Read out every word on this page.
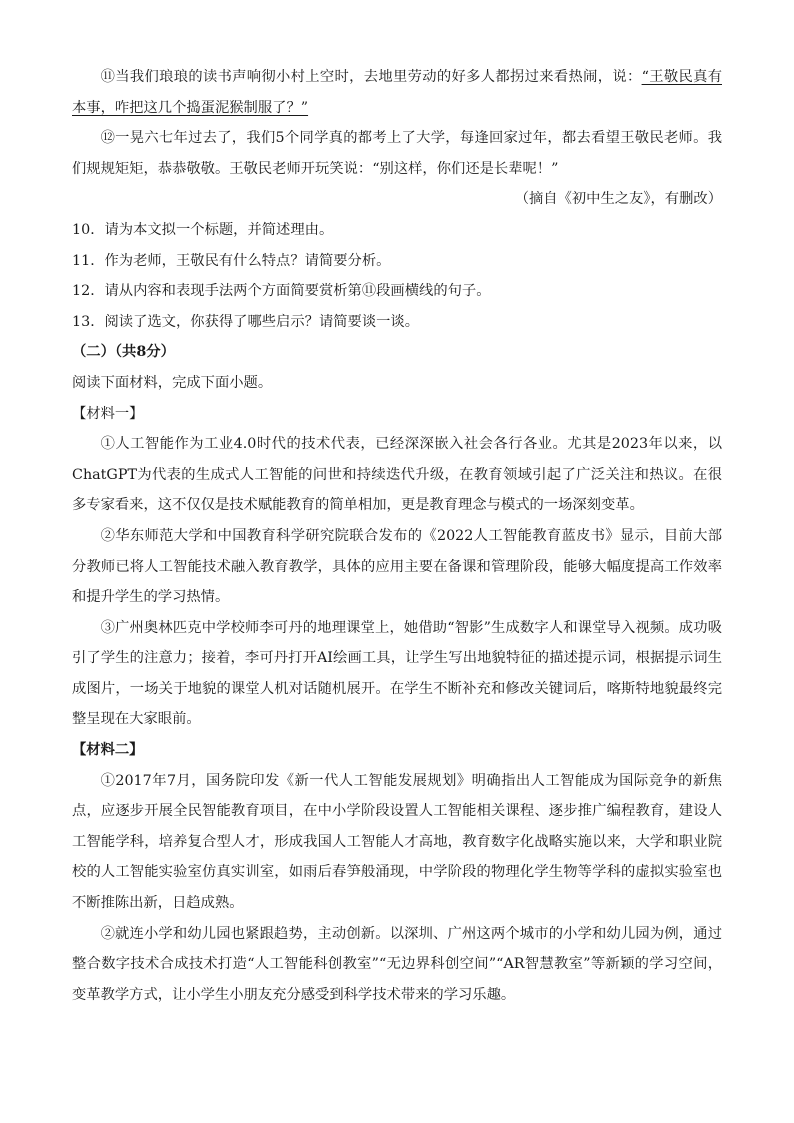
⑪当我们琅琅的读书声响彻小村上空时，去地里劳动的好多人都拐过来看热闹，说：“王敬民真有本事，咋把这几个捣蛋泥猴制服了？”

⑫一晃六七年过去了，我们5个同学真的都考上了大学，每逢回家过年，都去看望王敬民老师。我们规规矩矩，恭恭敬敬。王敬民老师开玩笑说：“别这样，你们还是长辈呢！”

（摘自《初中生之友》，有删改）

10．请为本文拟一个标题，并简述理由。

11．作为老师，王敬民有什么特点？请简要分析。

12．请从内容和表现手法两个方面简要赏析第⑪段画横线的句子。

13．阅读了选文，你获得了哪些启示？请简要谈一谈。

（二）（共8分）

阅读下面材料，完成下面小题。

【材料一】

①人工智能作为工业4.0时代的技术代表，已经深深嵌入社会各行各业。尤其是2023年以来，以ChatGPT为代表的生成式人工智能的问世和持续迭代升级，在教育领域引起了广泛关注和热议。在很多专家看来，这不仅仅是技术赋能教育的简单相加，更是教育理念与模式的一场深刻变革。

②华东师范大学和中国教育科学研究院联合发布的《2022人工智能教育蓝皮书》显示，目前大部分教师已将人工智能技术融入教育教学，具体的应用主要在备课和管理阶段，能够大幅度提高工作效率和提升学生的学习热情。

③广州奥林匹克中学校师李可丹的地理课堂上，她借助“智影”生成数字人和课堂导入视频。成功吸引了学生的注意力；接着，李可丹打开AI绘画工具，让学生写出地貌特征的描述提示词，根据提示词生成图片，一场关于地貌的课堂人机对话随机展开。在学生不断补充和修改关键词后，喀斯特地貌最终完整呈现在大家眼前。

【材料二】

①2017年7月，国务院印发《新一代人工智能发展规划》明确指出人工智能成为国际竞争的新焦点，应逐步开展全民智能教育项目，在中小学阶段设置人工智能相关课程、逐步推广编程教育，建设人工智能学科，培养复合型人才，形成我国人工智能人才高地，教育数字化战略实施以来，大学和职业院校的人工智能实验室仿真实训室，如雨后春笋般涌现，中学阶段的物理化学生物等学科的虚拟实验室也不断推陈出新，日趋成熟。

②就连小学和幼儿园也紧跟趋势，主动创新。以深圳、广州这两个城市的小学和幼儿园为例，通过整合数字技术合成技术打造“人工智能科创教室”“无边界科创空间”“AR智慧教室”等新颖的学习空间，变革教学方式，让小学生小朋友充分感受到科学技术带来的学习乐趣。
